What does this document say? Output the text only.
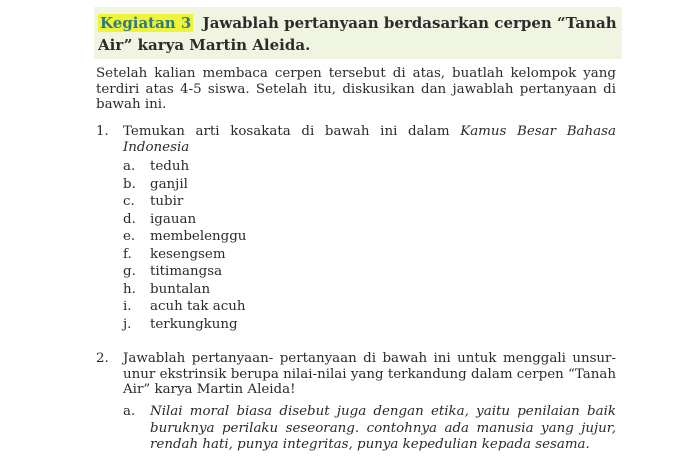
Kegiatan 3 Jawablah pertanyaan berdasarkan cerpen “Tanah Air” karya Martin Aleida.
Setelah kalian membaca cerpen tersebut di atas, buatlah kelompok yang terdiri atas 4-5 siswa. Setelah itu, diskusikan dan jawablah pertanyaan di bawah ini.
1. Temukan arti kosakata di bawah ini dalam Kamus Besar Bahasa Indonesia
a.	teduh
b.	ganjil
c.	tubir
d.	igauan
e.	membelenggu
f.	kesengsem
g.	titimangsa
h.	buntalan
i.	acuh tak acuh
j.	terkungkung
2. Jawablah pertanyaan- pertanyaan di bawah ini untuk menggali unsur-unur ekstrinsik berupa nilai-nilai yang terkandung dalam cerpen “Tanah Air” karya Martin Aleida!
a.	Nilai moral biasa disebut juga dengan etika, yaitu penilaian baik buruknya perilaku seseorang. contohnya ada manusia yang jujur, rendah hati, punya integritas, punya kepedulian kepada sesama.
